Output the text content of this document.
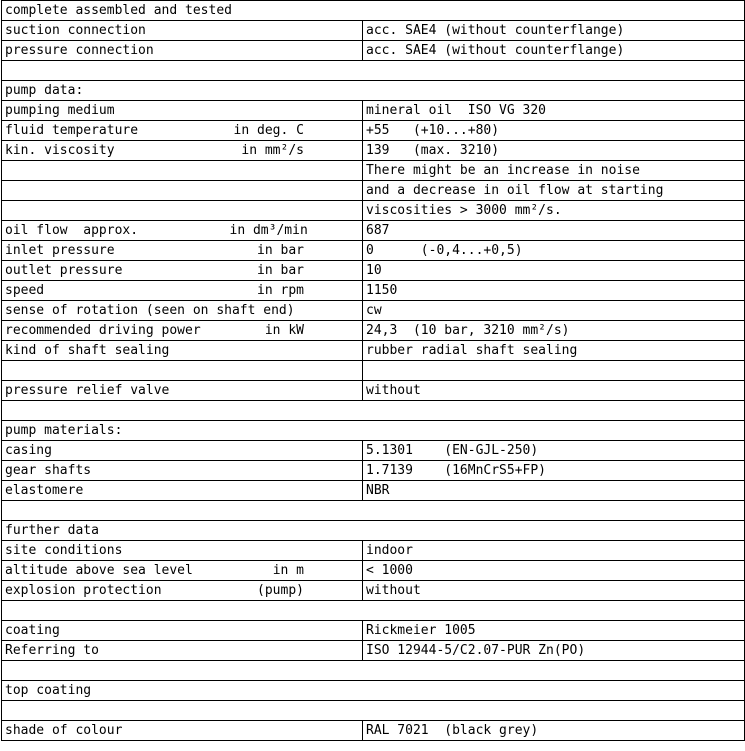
complete assembled and tested		
suction connection		acc. SAE4 (without counterflange)
pressure connection		acc. SAE4 (without counterflange)

pump data:		
pumping medium		mineral oil  ISO VG 320
fluid temperature	in deg. C	+55   (+10...+80)
kin. viscosity	in mm²/s	139   (max. 3210)
		There might be an increase in noise
		and a decrease in oil flow at starting
		viscosities > 3000 mm²/s.
oil flow  approx.	in dm³/min	687
inlet pressure	in bar	0      (-0,4...+0,5)
outlet pressure	in bar	10
speed	in rpm	1150
sense of rotation (seen on shaft end)		cw
recommended driving power	in kW	24,3  (10 bar, 3210 mm²/s)
kind of shaft sealing		rubber radial shaft sealing

pressure relief valve		without

pump materials:		
casing		5.1301    (EN-GJL-250)
gear shafts		1.7139    (16MnCrS5+FP)
elastomere		NBR

further data		
site conditions		indoor
altitude above sea level	in m	< 1000
explosion protection	(pump)	without

coating		Rickmeier 1005
Referring to		ISO 12944-5/C2.07-PUR Zn(PO)

top coating		

shade of colour		RAL 7021  (black grey)
